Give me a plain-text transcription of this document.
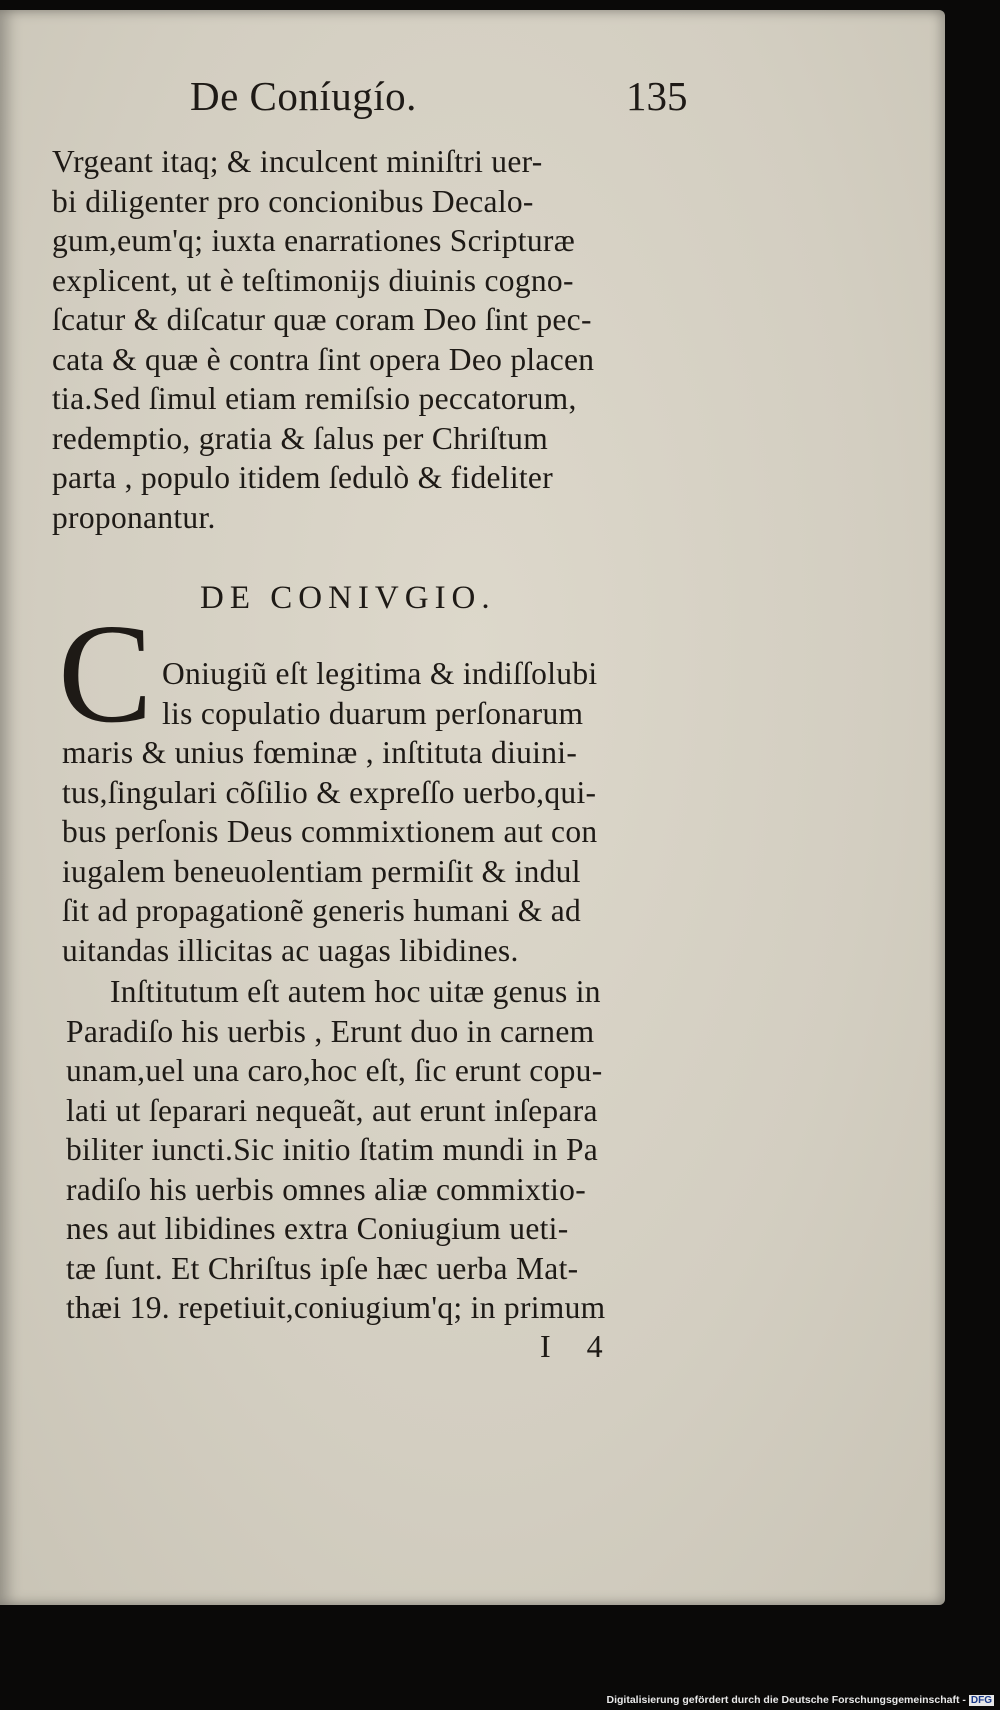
De Coníugío.	135
Vrgeant itaq; & inculcent miniſtri uer-
bi diligenter pro concionibus Decalo-
gum,eum'q; iuxta enarrationes Scripturæ
explicent, ut è teſtimonijs diuinis cogno-
ſcatur & diſcatur quæ coram Deo ſint pec-
cata & quæ è contra ſint opera Deo placen
tia.Sed ſimul etiam remiſsio peccatorum,
redemptio, gratia & ſalus per Chriſtum
parta , populo itidem ſedulò & fideliter
proponantur.
DE CONIVGIO.
C Oniugiũ eſt legitima & indiſſolubi
lis copulatio duarum perſonarum
maris & unius fœminæ , inſtituta diuini-
tus,ſingulari cõſilio & expreſſo uerbo,qui-
bus perſonis Deus commixtionem aut con
iugalem beneuolentiam permiſit & indul
ſit ad propagationẽ generis humani & ad
uitandas illicitas ac uagas libidines.
Inſtitutum eſt autem hoc uitæ genus in
Paradiſo his uerbis , Erunt duo in carnem
unam,uel una caro,hoc eſt, ſic erunt copu-
lati ut ſeparari nequeãt, aut erunt inſepara
biliter iuncti.Sic initio ſtatim mundi in Pa
radiſo his uerbis omnes aliæ commixtio-
nes aut libidines extra Coniugium ueti-
tæ ſunt. Et Chriſtus ipſe hæc uerba Mat-
thæi 19. repetiuit,coniugium'q; in primum
I 4
Digitalisierung gefördert durch die Deutsche Forschungsgemeinschaft - DFG
